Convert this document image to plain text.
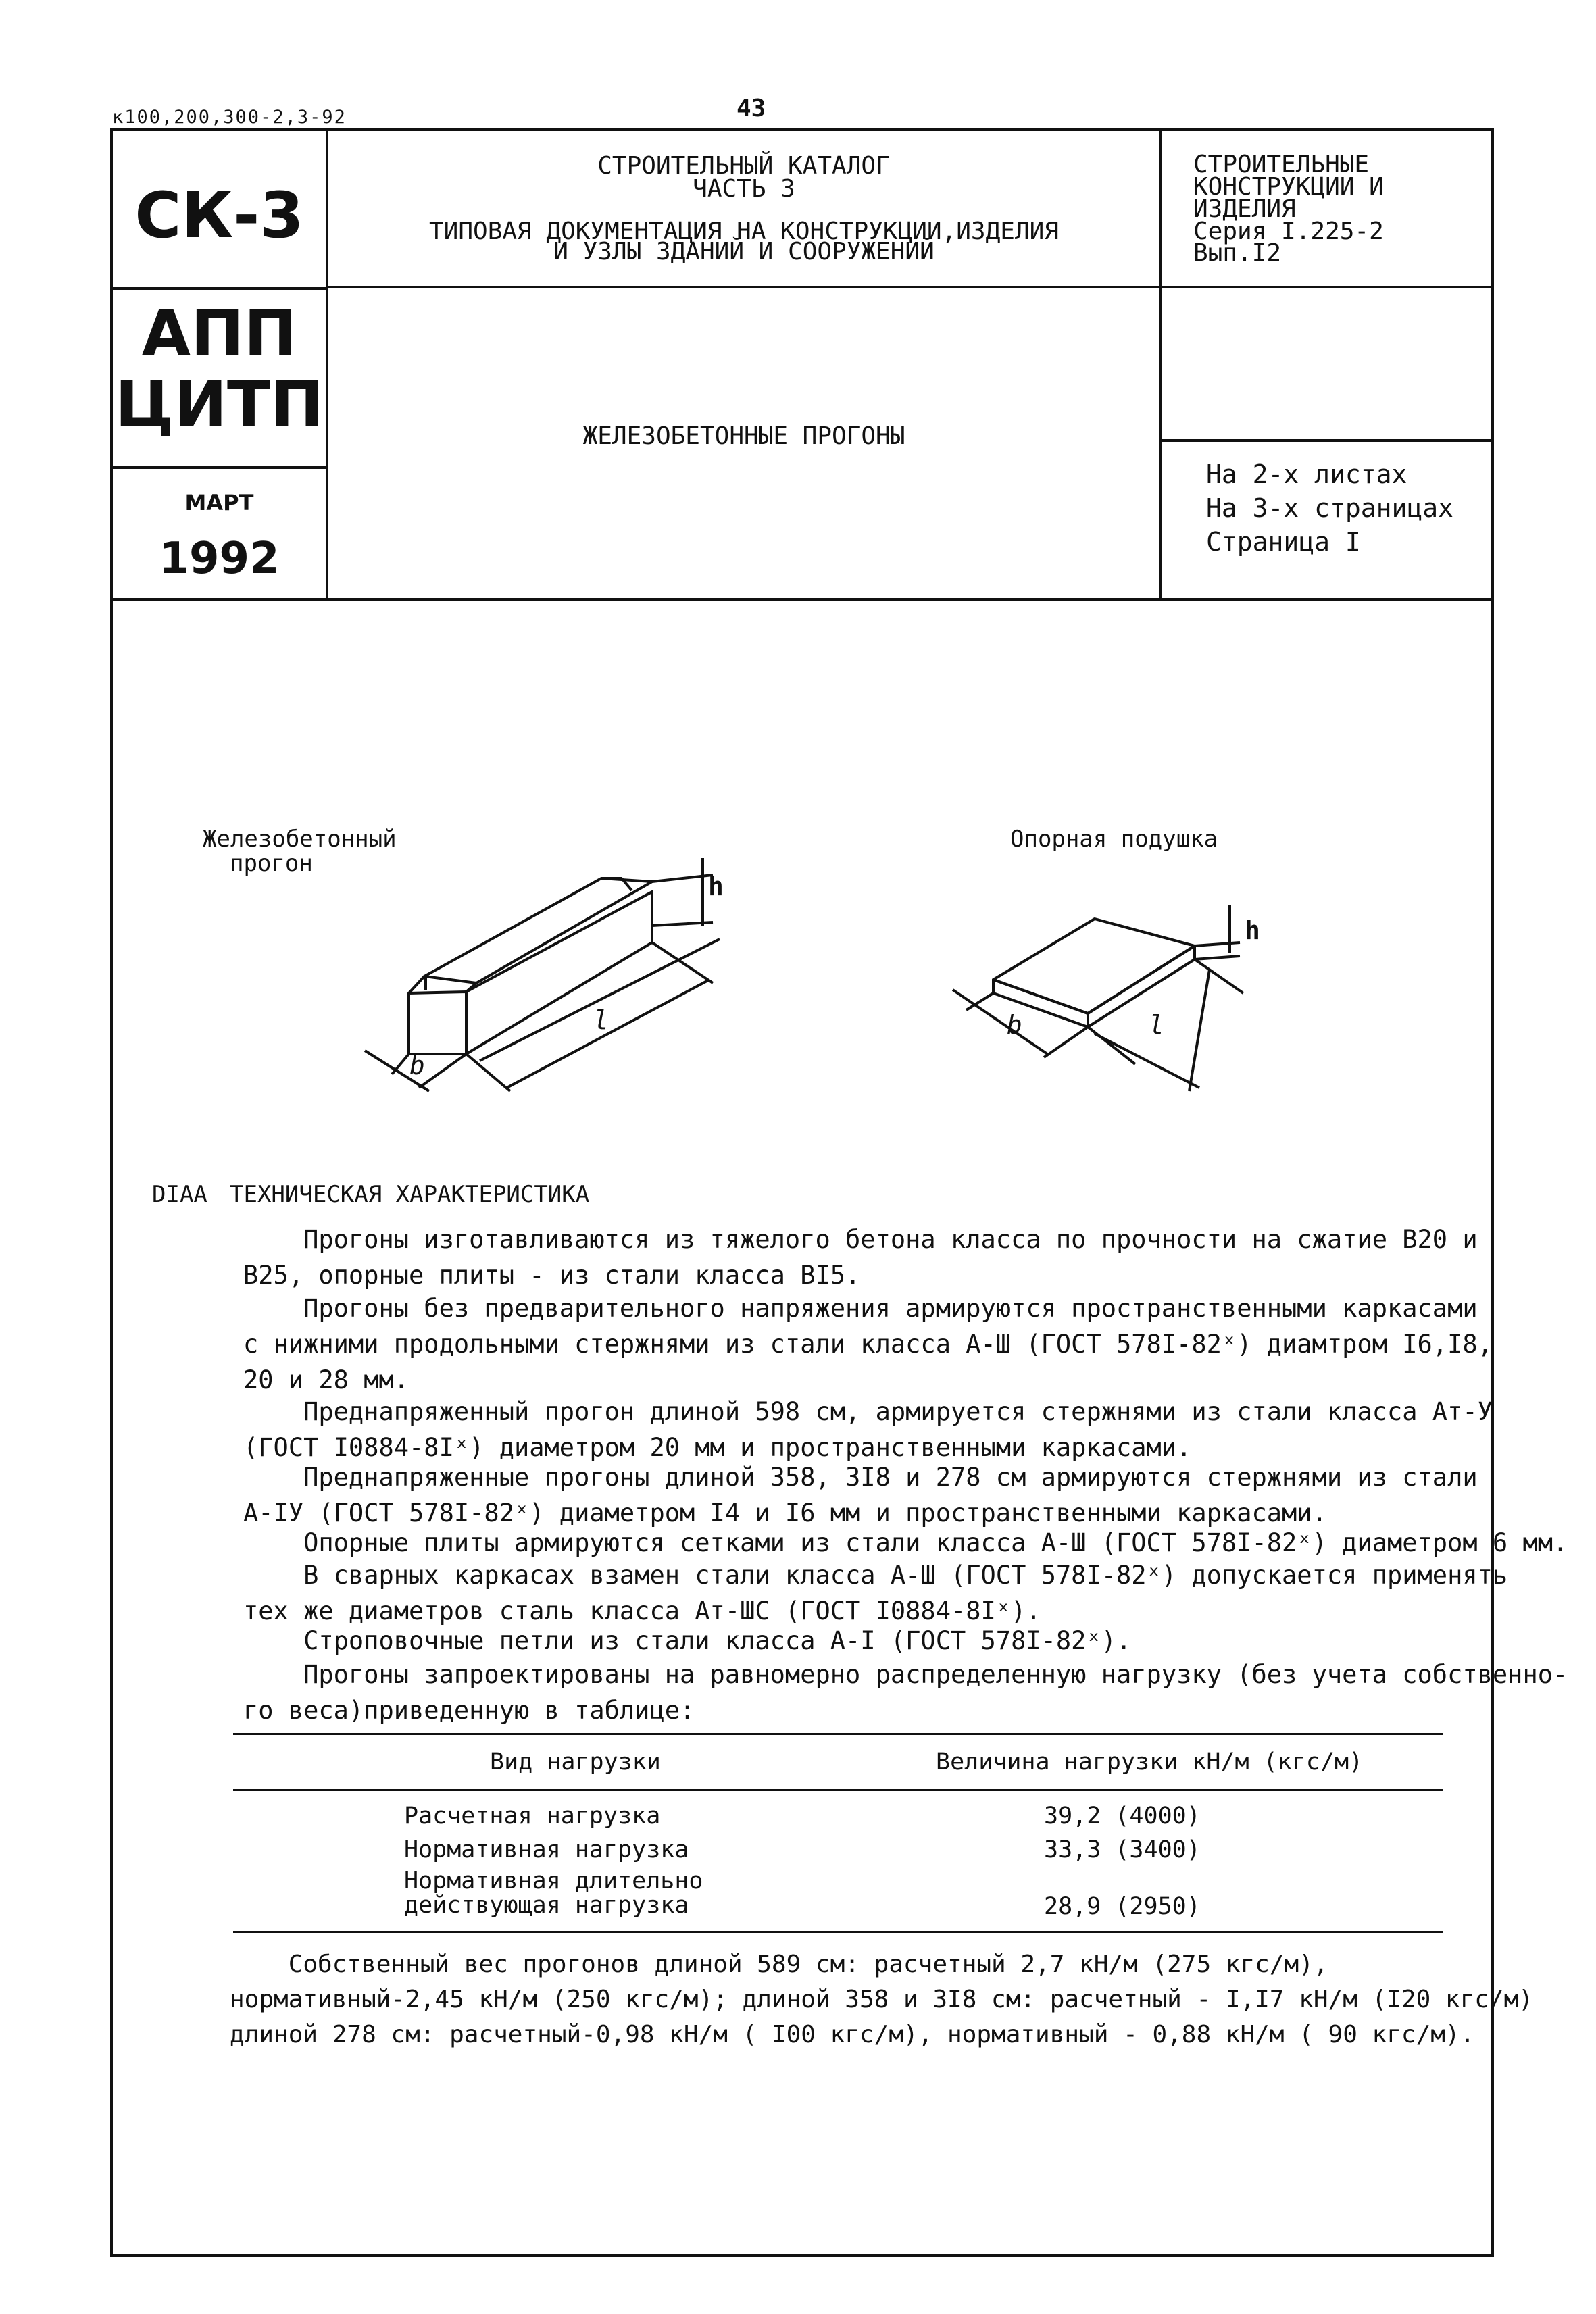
к100,200,300-2,3-92	43
СК-3
АПП
ЦИТП
МАРТ
1992
СТРОИТЕЛЬНЫЙ КАТАЛОГ
ЧАСТЬ 3
ТИПОВАЯ ДОКУМЕНТАЦИЯ НА КОНСТРУКЦИИ,ИЗДЕЛИЯ
И УЗЛЫ ЗДАНИЙ И СООРУЖЕНИЙ
ЖЕЛЕЗОБЕТОННЫЕ ПРОГОНЫ
СТРОИТЕЛЬНЫЕ
КОНСТРУКЦИИ И
ИЗДЕЛИЯ
Серия I.225-2
Вып.I2
На 2-х листах
На 3-х страницах
Страница I
Железобетонный
прогон
Опорная подушка
h
l
b
h
b	l
DIAA ТЕХНИЧЕСКАЯ ХАРАКТЕРИСТИКА
Прогоны изготавливаются из тяжелого бетона класса по прочности на сжатие В20 и
В25, опорные плиты - из стали класса ВI5.
Прогоны без предварительного напряжения армируются пространственными каркасами
с нижними продольными стержнями из стали класса А-Ш (ГОСТ 578I-82ˣ) диамтром I6,I8,
20 и 28 мм.
Преднапряженный прогон длиной 598 см, армируется стержнями из стали класса Ат-У
(ГОСТ I0884-8Iˣ) диаметром 20 мм и пространственными каркасами.
Преднапряженные прогоны длиной 358, 3I8 и 278 см армируются стержнями из стали
А-IУ (ГОСТ 578I-82ˣ) диаметром I4 и I6 мм и пространственными каркасами.
Опорные плиты армируются сетками из стали класса А-Ш (ГОСТ 578I-82ˣ) диаметром 6 мм.
В сварных каркасах взамен стали класса А-Ш (ГОСТ 578I-82ˣ) допускается применять
тех же диаметров сталь класса Ат-ШС (ГОСТ I0884-8Iˣ).
Строповочные петли из стали класса А-I (ГОСТ 578I-82ˣ).
Прогоны запроектированы на равномерно распределенную нагрузку (без учета собственно-
го веса)приведенную в таблице:
Вид нагрузки	Величина нагрузки кН/м (кгс/м)
Расчетная нагрузка	39,2 (4000)
Нормативная нагрузка	33,3 (3400)
Нормативная длительно
действующая нагрузка	28,9 (2950)
Собственный вес прогонов длиной 589 см: расчетный 2,7 кН/м (275 кгс/м),
нормативный-2,45 кН/м (250 кгс/м); длиной 358 и 3I8 см: расчетный - I,I7 кН/м (I20 кгс/м)
длиной 278 см: расчетный-0,98 кН/м ( I00 кгс/м), нормативный - 0,88 кН/м ( 90 кгс/м).
